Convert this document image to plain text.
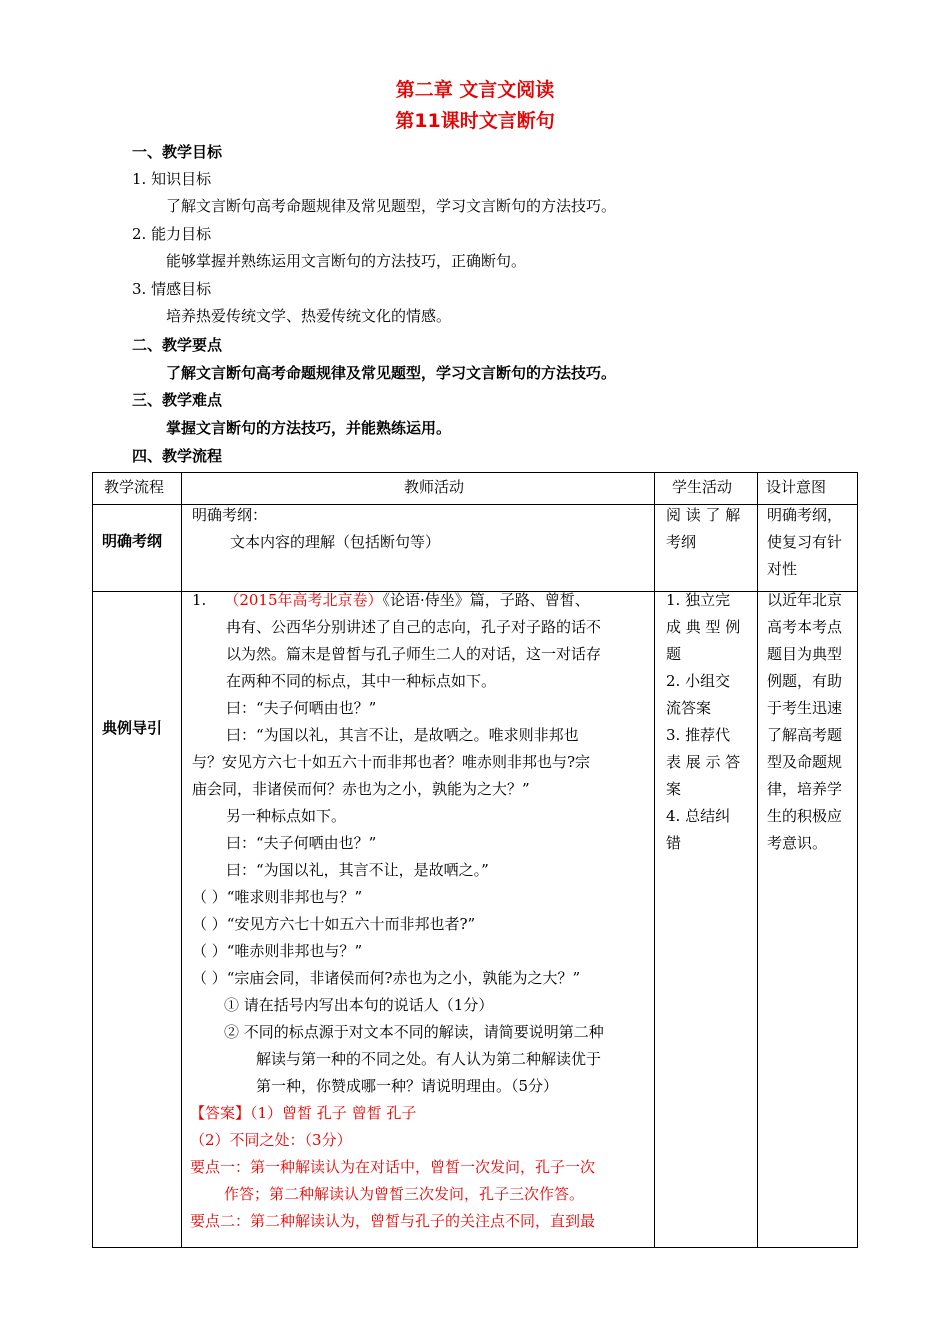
第二章 文言文阅读
第11课时文言断句
一、教学目标
1. 知识目标
了解文言断句高考命题规律及常见题型，学习文言断句的方法技巧。
2. 能力目标
能够掌握并熟练运用文言断句的方法技巧，正确断句。
3. 情感目标
培养热爱传统文学、热爱传统文化的情感。
二、教学要点
了解文言断句高考命题规律及常见题型，学习文言断句的方法技巧。
三、教学难点
掌握文言断句的方法技巧，并能熟练运用。
四、教学流程
教学流程	教师活动	学生活动 设计意图
明确考纲
明确考纲：
文本内容的理解（包括断句等）
阅 读 了 解
考纲
明确考纲，
使复习有针
对性
典例导引
1. （2015年高考北京卷）《论语·侍坐》篇，子路、曾皙、
冉有、公西华分别讲述了自己的志向，孔子对子路的话不
以为然。篇末是曾皙与孔子师生二人的对话，这一对话存
在两种不同的标点，其中一种标点如下。
曰：“夫子何哂由也？”
曰：“为国以礼，其言不让，是故哂之。唯求则非邦也
与？安见方六七十如五六十而非邦也者？唯赤则非邦也与?宗
庙会同，非诸侯而何？赤也为之小，孰能为之大？”
另一种标点如下。
曰：“夫子何哂由也？”
曰：“为国以礼，其言不让，是故哂之。”
（ ）“唯求则非邦也与？”
（ ）“安见方六七十如五六十而非邦也者?”
（ ）“唯赤则非邦也与？”
（ ）“宗庙会同，非诸侯而何?赤也为之小，孰能为之大？”
① 请在括号内写出本句的说话人（1分）
② 不同的标点源于对文本不同的解读，请简要说明第二种
解读与第一种的不同之处。有人认为第二种解读优于
第一种，你赞成哪一种？请说明理由。（5分）
【答案】（1）曾皙 孔子 曾皙 孔子
（2）不同之处：（3分）
要点一：第一种解读认为在对话中，曾皙一次发问，孔子一次
作答；第二种解读认为曾皙三次发问，孔子三次作答。
要点二：第二种解读认为，曾皙与孔子的关注点不同，直到最
1. 独立完
成 典 型 例
题
2. 小组交
流答案
3. 推荐代
表 展 示 答
案
4. 总结纠
错
以近年北京
高考本考点
题目为典型
例题，有助
于考生迅速
了解高考题
型及命题规
律，培养学
生的积极应
考意识。
